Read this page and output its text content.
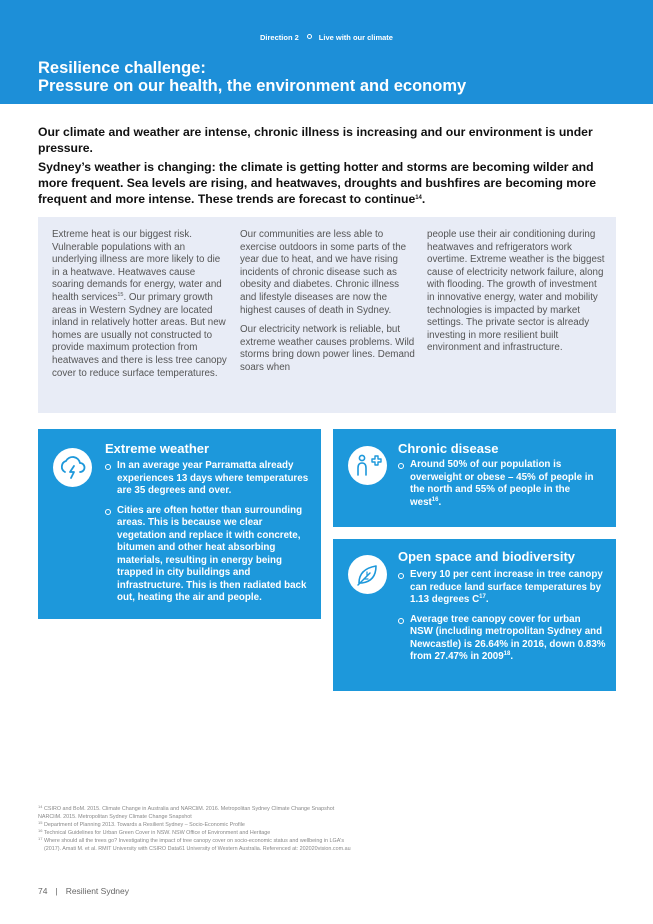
Direction 2	Live with our climate
Resilience challenge:
Pressure on our health, the environment and economy

Our climate and weather are intense, chronic illness is increasing and our environment is under pressure.

Sydney’s weather is changing: the climate is getting hotter and storms are becoming wilder and more frequent. Sea levels are rising, and heatwaves, droughts and bushfires are becoming more frequent and more intense. These trends are forecast to continue$^{14}$.

Extreme heat is our biggest risk. Vulnerable populations with an underlying illness are more likely to die in a heatwave. Heatwaves cause soaring demands for energy, water and health services$^{15}$. Our primary growth areas in Western Sydney are located inland in relatively hotter areas. But new homes are usually not constructed to provide maximum protection from heatwaves and there is less tree canopy cover to reduce surface temperatures.

Our communities are less able to exercise outdoors in some parts of the year due to heat, and we have rising incidents of chronic disease such as obesity and diabetes. Chronic illness and lifestyle diseases are now the highest causes of death in Sydney.

Our electricity network is reliable, but extreme weather causes problems. Wild storms bring down power lines. Demand soars when

people use their air conditioning during heatwaves and refrigerators work overtime. Extreme weather is the biggest cause of electricity network failure, along with flooding. The growth of investment in innovative energy, water and mobility technologies is impacted by market settings. The private sector is already investing in more resilient built environment and infrastructure.

Extreme weather
In an average year Parramatta already experiences 13 days where temperatures are 35 degrees and over.
Cities are often hotter than surrounding areas. This is because we clear vegetation and replace it with concrete, bitumen and other heat absorbing materials, resulting in energy being trapped in city buildings and infrastructure. This is then radiated back out, heating the air and people.
Chronic disease
Around 50% of our population is overweight or obese – 45% of people in the north and 55% of people in the west$^{16}$.
Open space and biodiversity
Every 10 per cent increase in tree canopy can reduce land surface temperatures by 1.13 degrees $C^{17}$.
Average tree canopy cover for urban NSW (including metropolitan Sydney and Newcastle) is 26.64% in 2016, down 0.83% from 27.47% in 2009$^{18}$.
$^{14}$ CSIRO and BoM. 2015. Climate Change in Australia and NARCliM. 2016. Metropolitan Sydney Climate Change Snapshot
NARCliM. 2015. Metropolitan Sydney Climate Change Snapshot
$^{15}$ Department of Planning 2013. Towards a Resilient Sydney – Socio-Economic Profile
$^{16}$ Technical Guidelines for Urban Green Cover in NSW. NSW Office of Environment and Heritage
$^{17}$ Where should all the trees go? Investigating the impact of tree canopy cover on socio-economic status and wellbeing in LGA's
(2017). Amati M. et al. RMIT University with CSIRO Data61 University of Western Australia. Referenced at: 202020vision.com.au
74 | Resilient Sydney
